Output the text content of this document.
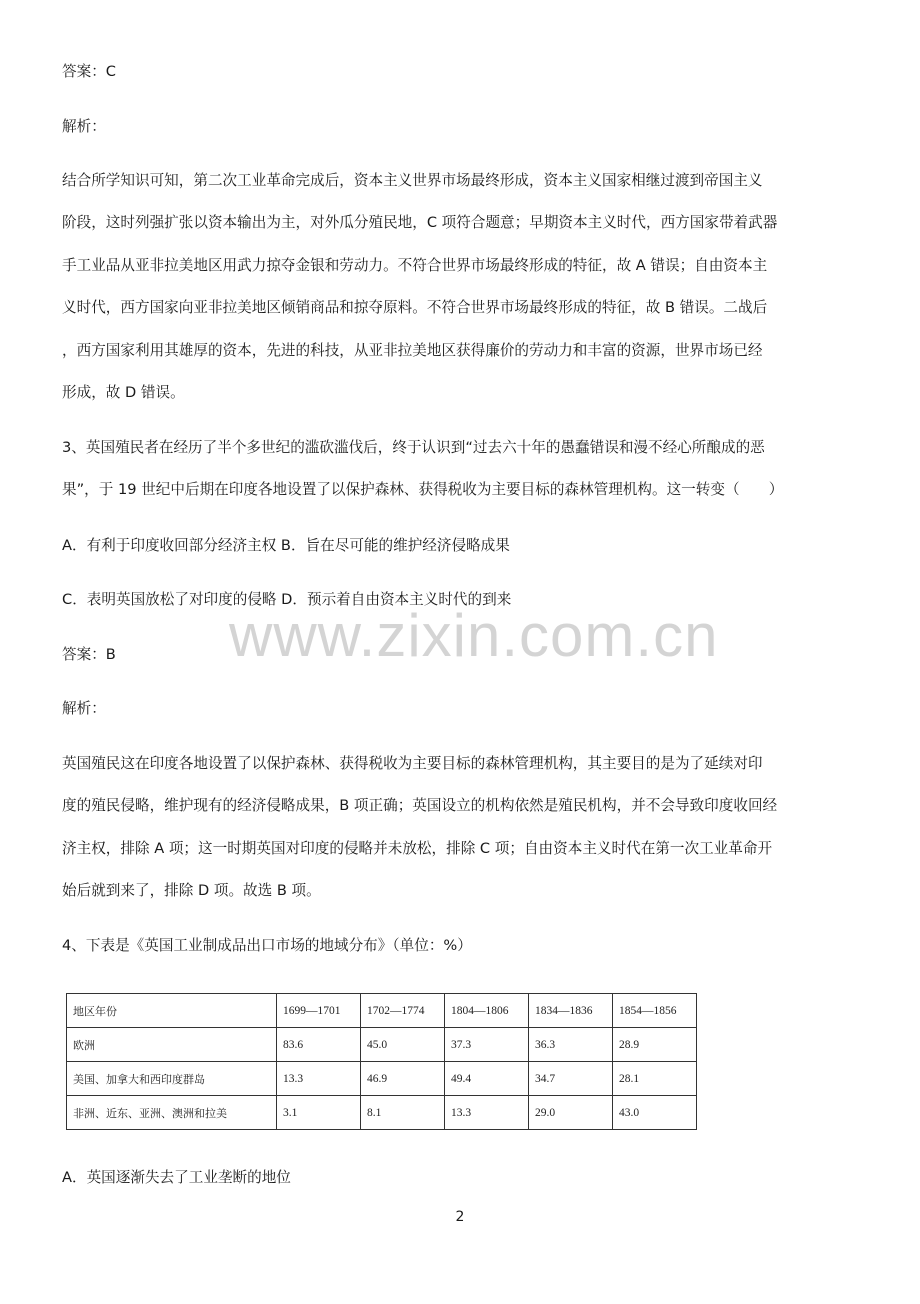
答案：C

解析：

结合所学知识可知，第二次工业革命完成后，资本主义世界市场最终形成，资本主义国家相继过渡到帝国主义

阶段，这时列强扩张以资本输出为主，对外瓜分殖民地，C 项符合题意；早期资本主义时代，西方国家带着武器

手工业品从亚非拉美地区用武力掠夺金银和劳动力。不符合世界市场最终形成的特征，故 A 错误；自由资本主

义时代，西方国家向亚非拉美地区倾销商品和掠夺原料。不符合世界市场最终形成的特征，故 B 错误。二战后

，西方国家利用其雄厚的资本，先进的科技，从亚非拉美地区获得廉价的劳动力和丰富的资源，世界市场已经

形成，故 D 错误。

3、英国殖民者在经历了半个多世纪的滥砍滥伐后，终于认识到“过去六十年的愚蠢错误和漫不经心所酿成的恶

果”，于 19 世纪中后期在印度各地设置了以保护森林、获得税收为主要目标的森林管理机构。这一转变（　　）

A．有利于印度收回部分经济主权 B．旨在尽可能的维护经济侵略成果

C．表明英国放松了对印度的侵略 D．预示着自由资本主义时代的到来

答案：B

解析：

英国殖民这在印度各地设置了以保护森林、获得税收为主要目标的森林管理机构，其主要目的是为了延续对印

度的殖民侵略，维护现有的经济侵略成果，B 项正确；英国设立的机构依然是殖民机构，并不会导致印度收回经

济主权，排除 A 项；这一时期英国对印度的侵略并未放松，排除 C 项；自由资本主义时代在第一次工业革命开

始后就到来了，排除 D 项。故选 B 项。

4、下表是《英国工业制成品出口市场的地域分布》（单位：%）

地区年份	1699—1701	1702—1774	1804—1806	1834—1836	1854—1856
欧洲	83.6	45.0	37.3	36.3	28.9
美国、加拿大和西印度群岛	13.3	46.9	49.4	34.7	28.1
非洲、近东、亚洲、澳洲和拉美	3.1	8.1	13.3	29.0	43.0

A．英国逐渐失去了工业垄断的地位

www.zixin.com.cn
2
